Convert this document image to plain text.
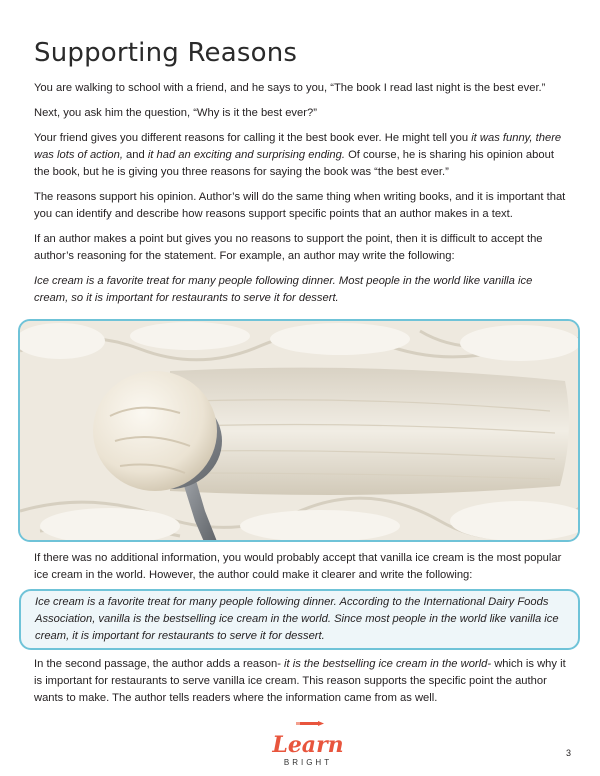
Supporting Reasons

You are walking to school with a friend, and he says to you, “The book I read last night is the best ever.”

Next, you ask him the question, “Why is it the best ever?”

Your friend gives you different reasons for calling it the best book ever. He might tell you it was funny, there was lots of action, and it had an exciting and surprising ending. Of course, he is sharing his opinion about the book, but he is giving you three reasons for saying the book was “the best ever.”

The reasons support his opinion. Author’s will do the same thing when writing books, and it is important that you can identify and describe how reasons support specific points that an author makes in a text.

If an author makes a point but gives you no reasons to support the point, then it is difficult to accept the author’s reasoning for the statement. For example, an author may write the following:

Ice cream is a favorite treat for many people following dinner. Most people in the world like vanilla ice cream, so it is important for restaurants to serve it for dessert.

If there was no additional information, you would probably accept that vanilla ice cream is the most popular ice cream in the world. However, the author could make it clearer and write the following:

Ice cream is a favorite treat for many people following dinner. According to the International Dairy Foods Association, vanilla is the bestselling ice cream in the world. Since most people in the world like vanilla ice cream, it is important for restaurants to serve it for dessert.

In the second passage, the author adds a reason- it is the bestselling ice cream in the world- which is why it is important for restaurants to serve vanilla ice cream. This reason supports the specific point the author wants to make. The author tells readers where the information came from as well.

Learn
BRIGHT
3
